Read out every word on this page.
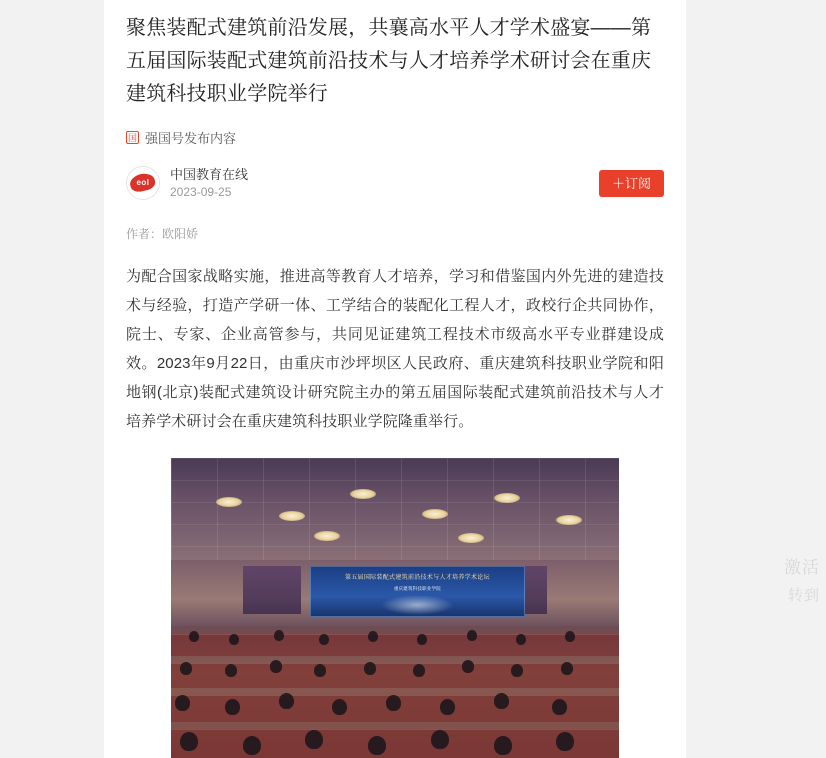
聚焦装配式建筑前沿发展，共襄高水平人才学术盛宴——第五届国际装配式建筑前沿技术与人才培养学术研讨会在重庆建筑科技职业学院举行
国 强国号发布内容
eol
中国教育在线
2023-09-25
＋订阅
作者：欧阳娇
为配合国家战略实施，推进高等教育人才培养，学习和借鉴国内外先进的建造技术与经验，打造产学研一体、工学结合的装配化工程人才，政校行企共同协作，院士、专家、企业高管参与，共同见证建筑工程技术市级高水平专业群建设成效。2023年9月22日，由重庆市沙坪坝区人民政府、重庆建筑科技职业学院和阳地钢(北京)装配式建筑设计研究院主办的第五届国际装配式建筑前沿技术与人才培养学术研讨会在重庆建筑科技职业学院隆重举行。
第五届国际装配式建筑前沿技术与人才培养学术论坛
重庆建筑科技职业学院
激活
转到
